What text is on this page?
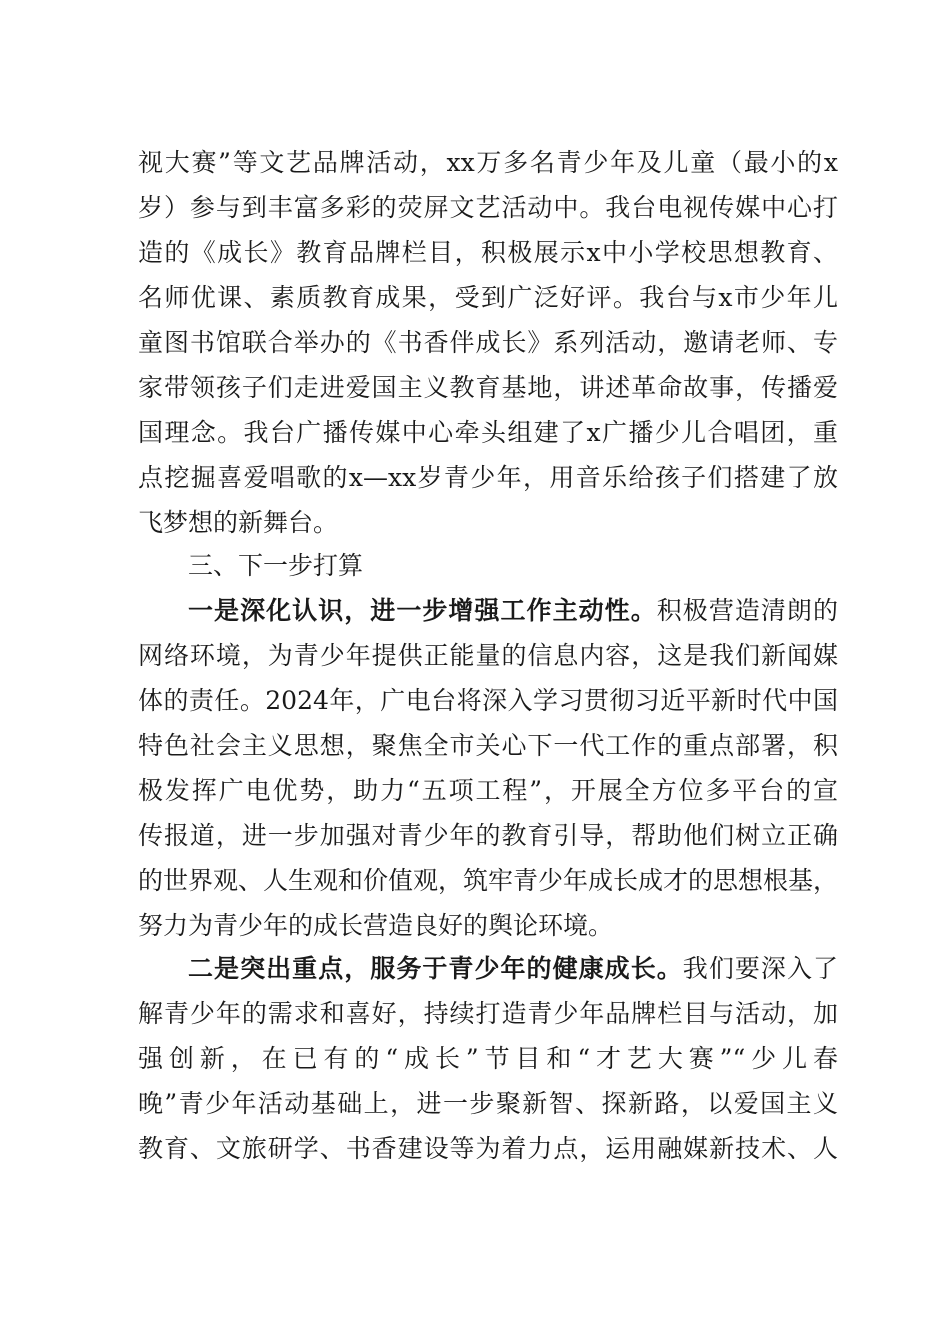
视大赛”等文艺品牌活动，xx万多名青少年及儿童（最小的x
岁）参与到丰富多彩的荧屏文艺活动中。我台电视传媒中心打
造的《成长》教育品牌栏目，积极展示x中小学校思想教育、
名师优课、素质教育成果，受到广泛好评。我台与x市少年儿
童图书馆联合举办的《书香伴成长》系列活动，邀请老师、专
家带领孩子们走进爱国主义教育基地，讲述革命故事，传播爱
国理念。我台广播传媒中心牵头组建了x广播少儿合唱团，重
点挖掘喜爱唱歌的x—xx岁青少年，用音乐给孩子们搭建了放
飞梦想的新舞台。
三、下一步打算
一是深化认识，进一步增强工作主动性。积极营造清朗的
网络环境，为青少年提供正能量的信息内容，这是我们新闻媒
体的责任。2024年，广电台将深入学习贯彻习近平新时代中国
特色社会主义思想，聚焦全市关心下一代工作的重点部署，积
极发挥广电优势，助力“五项工程”，开展全方位多平台的宣
传报道，进一步加强对青少年的教育引导，帮助他们树立正确
的世界观、人生观和价值观，筑牢青少年成长成才的思想根基，
努力为青少年的成长营造良好的舆论环境。
二是突出重点，服务于青少年的健康成长。我们要深入了
解青少年的需求和喜好，持续打造青少年品牌栏目与活动，加
强创新，在已有的“成长”节目和“才艺大赛”“少儿春
晚”青少年活动基础上，进一步聚新智、探新路，以爱国主义
教育、文旅研学、书香建设等为着力点，运用融媒新技术、人
